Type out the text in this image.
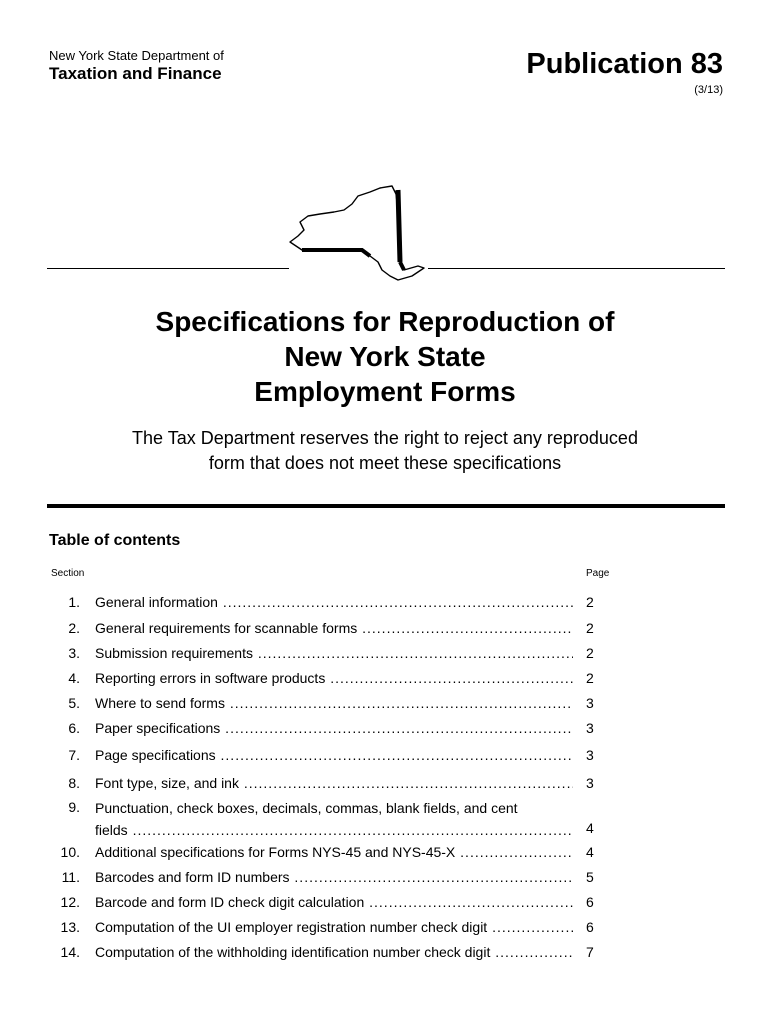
New York State Department of
Taxation and Finance	Publication 83
(3/13)
Specifications for Reproduction of
New York State
Employment Forms
The Tax Department reserves the right to reject any reproduced
form that does not meet these specifications
Table of contents
Section	Page
1. General information .....	2
2. General requirements for scannable forms .....	2
3. Submission requirements .....	2
4. Reporting errors in software products .....	2
5. Where to send forms .....	3
6. Paper specifications .....	3
7. Page specifications .....	3
8. Font type, size, and ink .....	3
9. Punctuation, check boxes, decimals, commas, blank fields, and cent
fields .....	4
10. Additional specifications for Forms NYS-45 and NYS-45-X .....	4
11. Barcodes and form ID numbers .....	5
12. Barcode and form ID check digit calculation .....	6
13. Computation of the UI employer registration number check digit .....	6
14. Computation of the withholding identification number check digit .....	7
